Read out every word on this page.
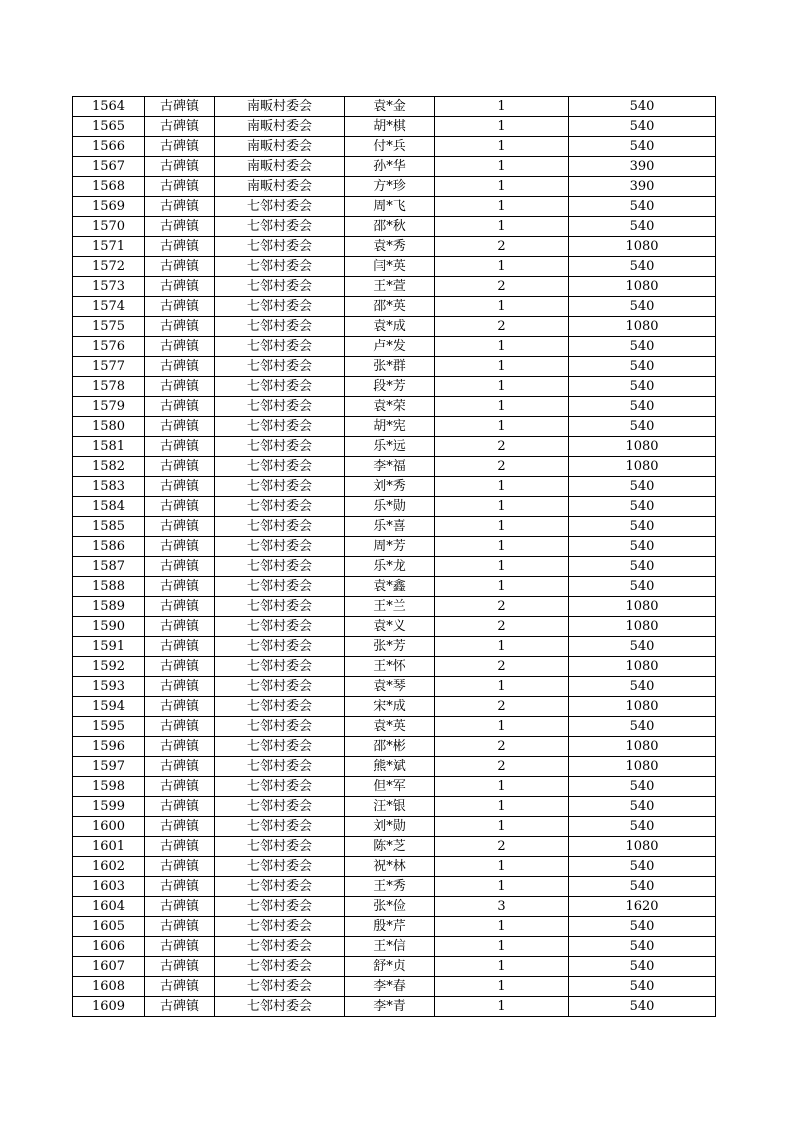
1564	古碑镇	南畈村委会	袁*金	1	540
1565	古碑镇	南畈村委会	胡*棋	1	540
1566	古碑镇	南畈村委会	付*兵	1	540
1567	古碑镇	南畈村委会	孙*华	1	390
1568	古碑镇	南畈村委会	方*珍	1	390
1569	古碑镇	七邻村委会	周*飞	1	540
1570	古碑镇	七邻村委会	邵*秋	1	540
1571	古碑镇	七邻村委会	袁*秀	2	1080
1572	古碑镇	七邻村委会	闫*英	1	540
1573	古碑镇	七邻村委会	王*萱	2	1080
1574	古碑镇	七邻村委会	邵*英	1	540
1575	古碑镇	七邻村委会	袁*成	2	1080
1576	古碑镇	七邻村委会	卢*发	1	540
1577	古碑镇	七邻村委会	张*群	1	540
1578	古碑镇	七邻村委会	段*芳	1	540
1579	古碑镇	七邻村委会	袁*荣	1	540
1580	古碑镇	七邻村委会	胡*宪	1	540
1581	古碑镇	七邻村委会	乐*远	2	1080
1582	古碑镇	七邻村委会	李*福	2	1080
1583	古碑镇	七邻村委会	刘*秀	1	540
1584	古碑镇	七邻村委会	乐*勋	1	540
1585	古碑镇	七邻村委会	乐*喜	1	540
1586	古碑镇	七邻村委会	周*芳	1	540
1587	古碑镇	七邻村委会	乐*龙	1	540
1588	古碑镇	七邻村委会	袁*鑫	1	540
1589	古碑镇	七邻村委会	王*兰	2	1080
1590	古碑镇	七邻村委会	袁*义	2	1080
1591	古碑镇	七邻村委会	张*芳	1	540
1592	古碑镇	七邻村委会	王*怀	2	1080
1593	古碑镇	七邻村委会	袁*琴	1	540
1594	古碑镇	七邻村委会	宋*成	2	1080
1595	古碑镇	七邻村委会	袁*英	1	540
1596	古碑镇	七邻村委会	邵*彬	2	1080
1597	古碑镇	七邻村委会	熊*斌	2	1080
1598	古碑镇	七邻村委会	但*军	1	540
1599	古碑镇	七邻村委会	汪*银	1	540
1600	古碑镇	七邻村委会	刘*勋	1	540
1601	古碑镇	七邻村委会	陈*芝	2	1080
1602	古碑镇	七邻村委会	祝*林	1	540
1603	古碑镇	七邻村委会	王*秀	1	540
1604	古碑镇	七邻村委会	张*俭	3	1620
1605	古碑镇	七邻村委会	殷*芹	1	540
1606	古碑镇	七邻村委会	王*信	1	540
1607	古碑镇	七邻村委会	舒*贞	1	540
1608	古碑镇	七邻村委会	李*春	1	540
1609	古碑镇	七邻村委会	李*青	1	540
